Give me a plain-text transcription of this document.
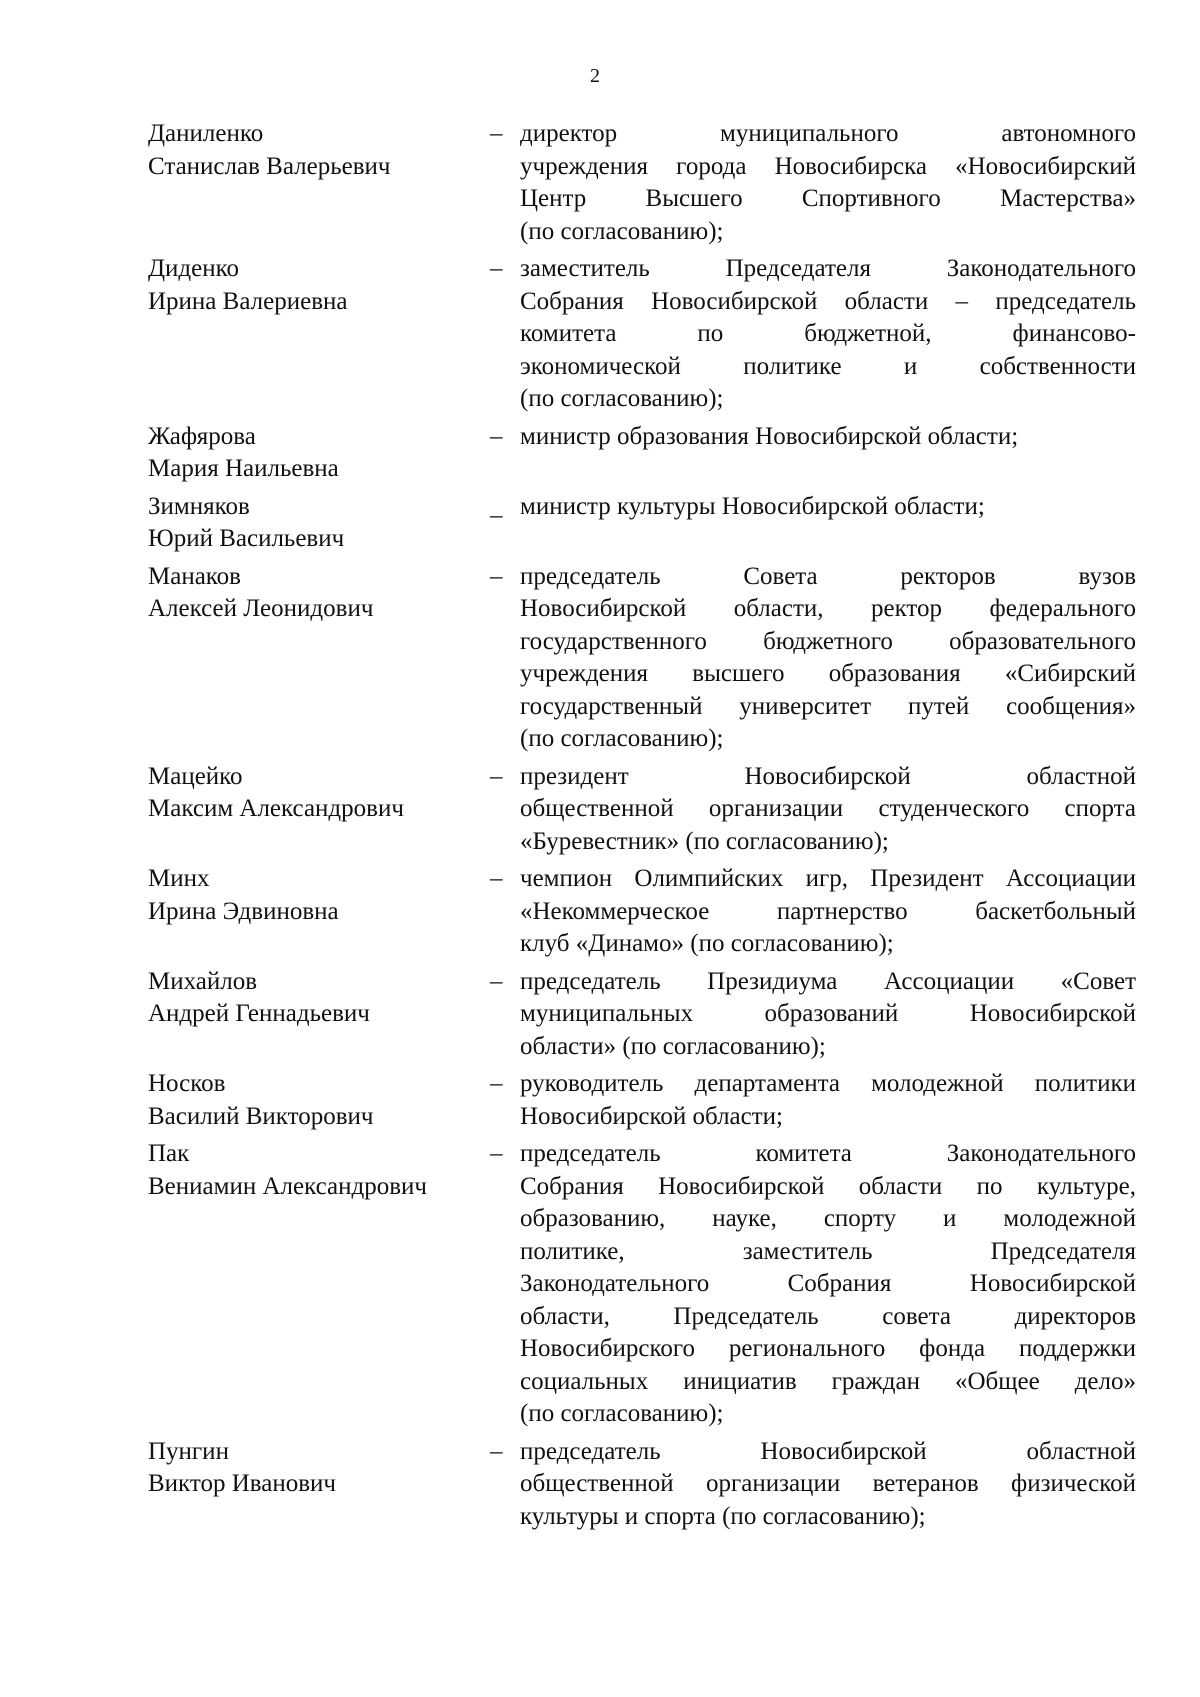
2
Даниленко
Станислав Валерьевич
– директор муниципального автономного
учреждения города Новосибирска «Новосибирский
Центр Высшего Спортивного Мастерства»
(по согласованию);
Диденко
Ирина Валериевна
– заместитель Председателя Законодательного
Собрания Новосибирской области – председатель
комитета по бюджетной, финансово-
экономической политике и собственности
(по согласованию);
Жафярова
Мария Наильевна
– министр образования Новосибирской области;
Зимняков
Юрий Васильевич
_ министр культуры Новосибирской области;
Манаков
Алексей Леонидович
– председатель Совета ректоров вузов
Новосибирской области, ректор федерального
государственного бюджетного образовательного
учреждения высшего образования «Сибирский
государственный университет путей сообщения»
(по согласованию);
Мацейко
Максим Александрович
– президент Новосибирской областной
общественной организации студенческого спорта
«Буревестник» (по согласованию);
Минх
Ирина Эдвиновна
– чемпион Олимпийских игр, Президент Ассоциации
«Некоммерческое партнерство баскетбольный
клуб «Динамо» (по согласованию);
Михайлов
Андрей Геннадьевич
– председатель Президиума Ассоциации «Совет
муниципальных образований Новосибирской
области» (по согласованию);
Носков
Василий Викторович
– руководитель департамента молодежной политики
Новосибирской области;
Пак
Вениамин Александрович
– председатель комитета Законодательного
Собрания Новосибирской области по культуре,
образованию, науке, спорту и молодежной
политике, заместитель Председателя
Законодательного Собрания Новосибирской
области, Председатель совета директоров
Новосибирского регионального фонда поддержки
социальных инициатив граждан «Общее дело»
(по согласованию);
Пунгин
Виктор Иванович
– председатель Новосибирской областной
общественной организации ветеранов физической
культуры и спорта (по согласованию);
